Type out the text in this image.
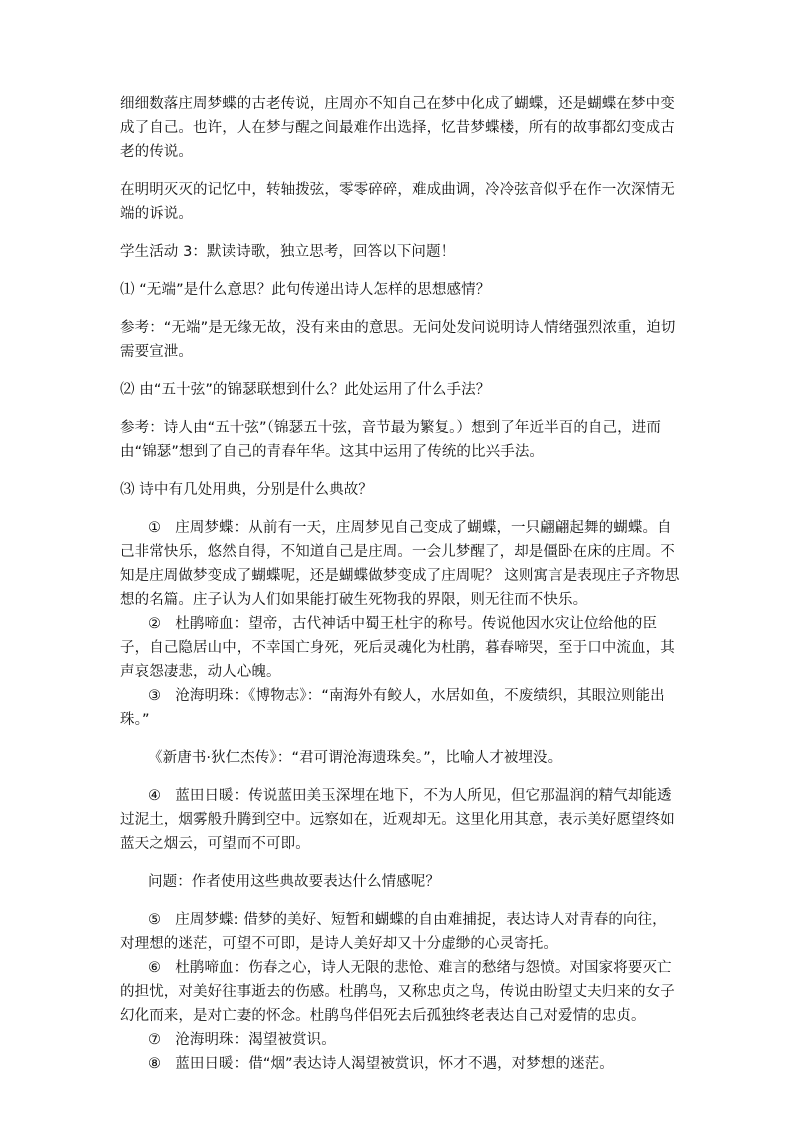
细细数落庄周梦蝶的古老传说，庄周亦不知自己在梦中化成了蝴蝶，还是蝴蝶在梦中变成了自己。也许，人在梦与醒之间最难作出选择，忆昔梦蝶楼，所有的故事都幻变成古老的传说。

在明明灭灭的记忆中，转轴拨弦，零零碎碎，难成曲调，冷冷弦音似乎在作一次深情无端的诉说。

学生活动 3：默读诗歌，独立思考，回答以下问题！

⑴ “无端”是什么意思？此句传递出诗人怎样的思想感情？

参考：“无端”是无缘无故，没有来由的意思。无问处发问说明诗人情绪强烈浓重，迫切需要宣泄。

⑵ 由“五十弦”的锦瑟联想到什么？此处运用了什么手法？

参考：诗人由“五十弦”（锦瑟五十弦，音节最为繁复。）想到了年近半百的自己，进而由“锦瑟”想到了自己的青春年华。这其中运用了传统的比兴手法。

⑶ 诗中有几处用典，分别是什么典故？

① 庄周梦蝶：从前有一天，庄周梦见自己变成了蝴蝶，一只翩翩起舞的蝴蝶。自己非常快乐，悠然自得，不知道自己是庄周。一会儿梦醒了，却是僵卧在床的庄周。不知是庄周做梦变成了蝴蝶呢，还是蝴蝶做梦变成了庄周呢？ 这则寓言是表现庄子齐物思想的名篇。庄子认为人们如果能打破生死物我的界限，则无往而不快乐。

② 杜鹃啼血：望帝，古代神话中蜀王杜宇的称号。传说他因水灾让位给他的臣子，自己隐居山中，不幸国亡身死，死后灵魂化为杜鹃，暮春啼哭，至于口中流血，其声哀怨凄悲，动人心魄。

③ 沧海明珠：《博物志》：“南海外有鲛人，水居如鱼，不废绩织，其眼泣则能出珠。”

《新唐书·狄仁杰传》：“君可谓沧海遗珠矣。”，比喻人才被埋没。

④ 蓝田日暖：传说蓝田美玉深埋在地下，不为人所见，但它那温润的精气却能透过泥土，烟雾般升腾到空中。远察如在，近观却无。这里化用其意，表示美好愿望终如蓝天之烟云，可望而不可即。

问题：作者使用这些典故要表达什么情感呢？

⑤ 庄周梦蝶: 借梦的美好、短暂和蝴蝶的自由难捕捉，表达诗人对青春的向往，对理想的迷茫，可望不可即，是诗人美好却又十分虚缈的心灵寄托。

⑥ 杜鹃啼血：伤春之心，诗人无限的悲怆、难言的愁绪与怨愤。对国家将要灭亡的担忧，对美好往事逝去的伤感。杜鹃鸟，又称忠贞之鸟，传说由盼望丈夫归来的女子幻化而来，是对亡妻的怀念。杜鹃鸟伴侣死去后孤独终老表达自己对爱情的忠贞。

⑦ 沧海明珠：渴望被赏识。

⑧ 蓝田日暖：借“烟”表达诗人渴望被赏识，怀才不遇，对梦想的迷茫。
